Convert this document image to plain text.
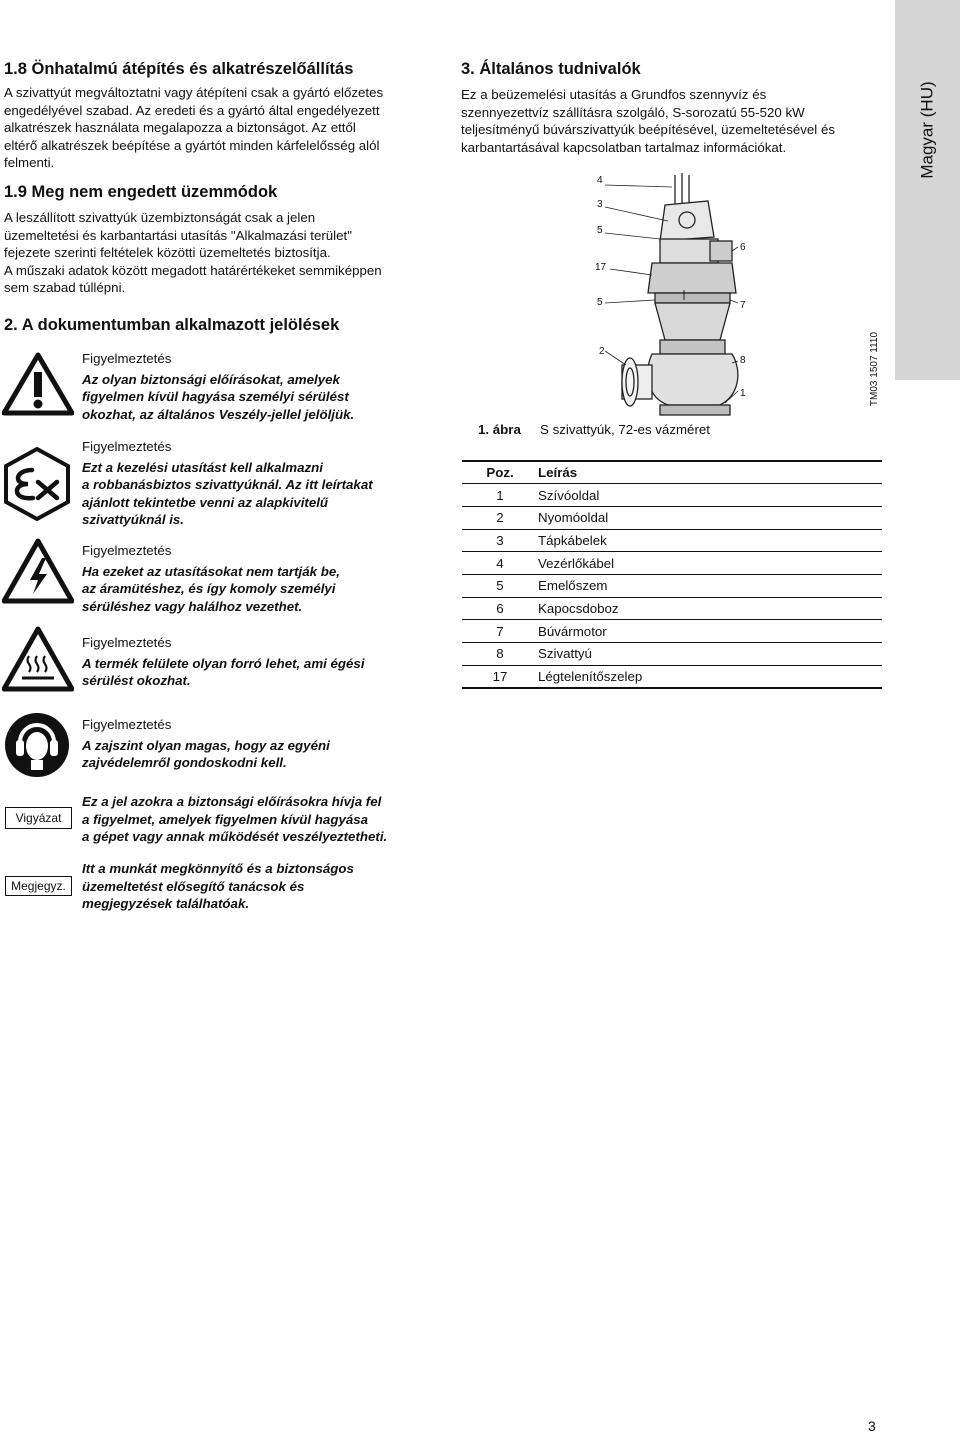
Magyar (HU)
1.8 Önhatalmú átépítés és alkatrészelőállítás
A szivattyút megváltoztatni vagy átépíteni csak a gyártó előzetes
engedélyével szabad. Az eredeti és a gyártó által engedélyezett
alkatrészek használata megalapozza a biztonságot. Az ettől
eltérő alkatrészek beépítése a gyártót minden kárfelelősség alól
felmenti.
1.9 Meg nem engedett üzemmódok
A leszállított szivattyúk üzembiztonságát csak a jelen
üzemeltetési és karbantartási utasítás "Alkalmazási terület"
fejezete szerinti feltételek közötti üzemeltetés biztosítja.
A műszaki adatok között megadott határértékeket semmiképpen
sem szabad túllépni.
2. A dokumentumban alkalmazott jelölések
Figyelmeztetés
Az olyan biztonsági előírásokat, amelyek
figyelmen kívül hagyása személyi sérülést
okozhat, az általános Veszély-jellel jelöljük.
Figyelmeztetés
Ezt a kezelési utasítást kell alkalmazni
a robbanásbiztos szivattyúknál. Az itt leírtakat
ajánlott tekintetbe venni az alapkivitelű
szivattyúknál is.
Figyelmeztetés
Ha ezeket az utasításokat nem tartják be,
az áramütéshez, és így komoly személyi
sérüléshez vagy halálhoz vezethet.
Figyelmeztetés
A termék felülete olyan forró lehet, ami égési
sérülést okozhat.
Figyelmeztetés
A zajszint olyan magas, hogy az egyéni
zajvédelemről gondoskodni kell.
Vigyázat
Ez a jel azokra a biztonsági előírásokra hívja fel
a figyelmet, amelyek figyelmen kívül hagyása
a gépet vagy annak működését veszélyeztetheti.
Megjegyz.
Itt a munkát megkönnyítő és a biztonságos
üzemeltetést elősegítő tanácsok és
megjegyzések találhatóak.
3. Általános tudnivalók
Ez a beüzemelési utasítás a Grundfos szennyvíz és
szennyezettvíz szállításra szolgáló, S-sorozatú 55-520 kW
teljesítményű búvárszivattyúk beépítésével, üzemeltetésével és
karbantartásával kapcsolatban tartalmaz információkat.
4
3
5
17
5
2
6
7
8
1	TM03 1507 1110
1. ábra S szivattyúk, 72-es vázméret
Poz.	Leírás
1	Szívóoldal
2	Nyomóoldal
3	Tápkábelek
4	Vezérlőkábel
5	Emelőszem
6	Kapocsdoboz
7	Búvármotor
8	Szivattyú
17	Légtelenítőszelep
3
